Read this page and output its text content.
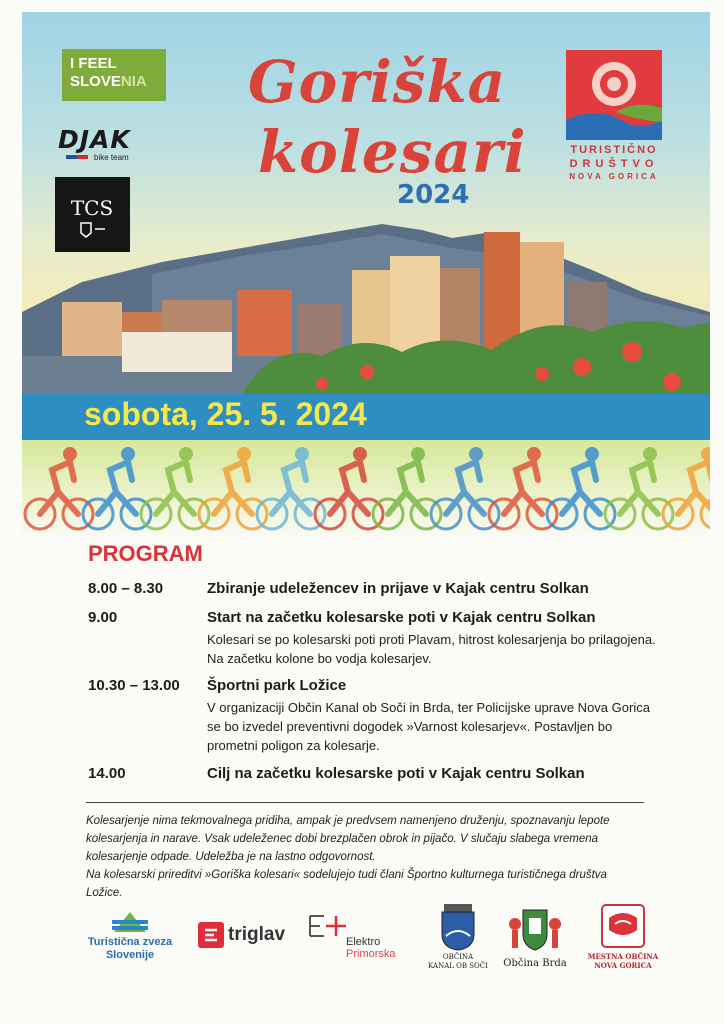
I FEEL
SLOVENIA
DJAK
bike team
TCS
Goriška
kolesari
2024
TURISTIČNO
DRUŠTVO
NOVA GORICA
sobota, 25. 5. 2024
PROGRAM
8.00 – 8.30	Zbiranje udeležencev in prijave v Kajak centru Solkan
9.00	Start na začetku kolesarske poti v Kajak centru Solkan
Kolesari se po kolesarski poti proti Plavam, hitrost kolesarjenja bo prilagojena. Na začetku kolone bo vodja kolesarjev.
10.30 – 13.00	Športni park Ložice
V organizaciji Občin Kanal ob Soči in Brda, ter Policijske uprave Nova Gorica se bo izvedel preventivni dogodek »Varnost kolesarjev«. Postavljen bo prometni poligon za kolesarje.
14.00	Cilj na začetku kolesarske poti v Kajak centru Solkan
Kolesarjenje nima tekmovalnega pridiha, ampak je predvsem namenjeno druženju, spoznavanju lepote kolesarjenja in narave. Vsak udeleženec dobi brezplačen obrok in pijačo. V slučaju slabega vremena kolesarjenje odpade. Udeležba je na lastno odgovornost.
Na kolesarski prireditvi »Goriška kolesari« sodelujejo tudi člani Športno kulturnega turističnega društva Ložice.
Turistična zveza
Slovenije
triglav	Elektro
Primorska	OBČINA
KANAL OB SOČI	Občina Brda
MESTNA OBČINA
NOVA GORICA
